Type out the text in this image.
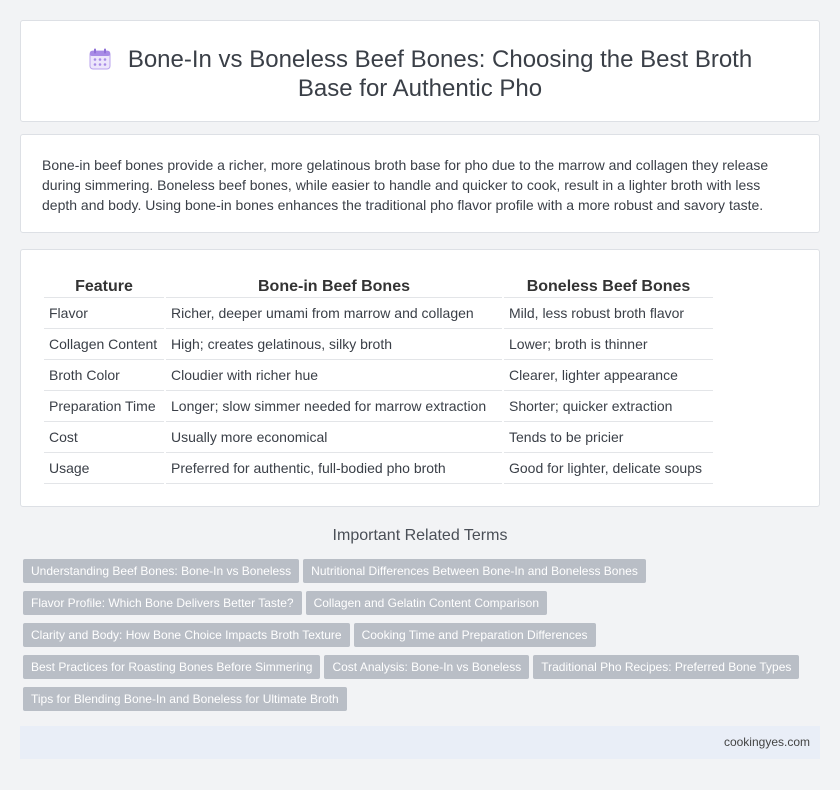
Bone-In vs Boneless Beef Bones: Choosing the Best Broth Base for Authentic Pho

Bone-in beef bones provide a richer, more gelatinous broth base for pho due to the marrow and collagen they release during simmering. Boneless beef bones, while easier to handle and quicker to cook, result in a lighter broth with less depth and body. Using bone-in bones enhances the traditional pho flavor profile with a more robust and savory taste.

Feature	Bone-in Beef Bones	Boneless Beef Bones
Flavor	Richer, deeper umami from marrow and collagen	Mild, less robust broth flavor
Collagen Content	High; creates gelatinous, silky broth	Lower; broth is thinner
Broth Color	Cloudier with richer hue	Clearer, lighter appearance
Preparation Time	Longer; slow simmer needed for marrow extraction	Shorter; quicker extraction
Cost	Usually more economical	Tends to be pricier
Usage	Preferred for authentic, full-bodied pho broth	Good for lighter, delicate soups
Important Related Terms
Understanding Beef Bones: Bone-In vs Boneless Nutritional Differences Between Bone-In and Boneless Bones
Flavor Profile: Which Bone Delivers Better Taste? Collagen and Gelatin Content Comparison
Clarity and Body: How Bone Choice Impacts Broth Texture Cooking Time and Preparation Differences
Best Practices for Roasting Bones Before Simmering Cost Analysis: Bone-In vs Boneless Traditional Pho Recipes: Preferred Bone Types
Tips for Blending Bone-In and Boneless for Ultimate Broth
cookingyes.com
